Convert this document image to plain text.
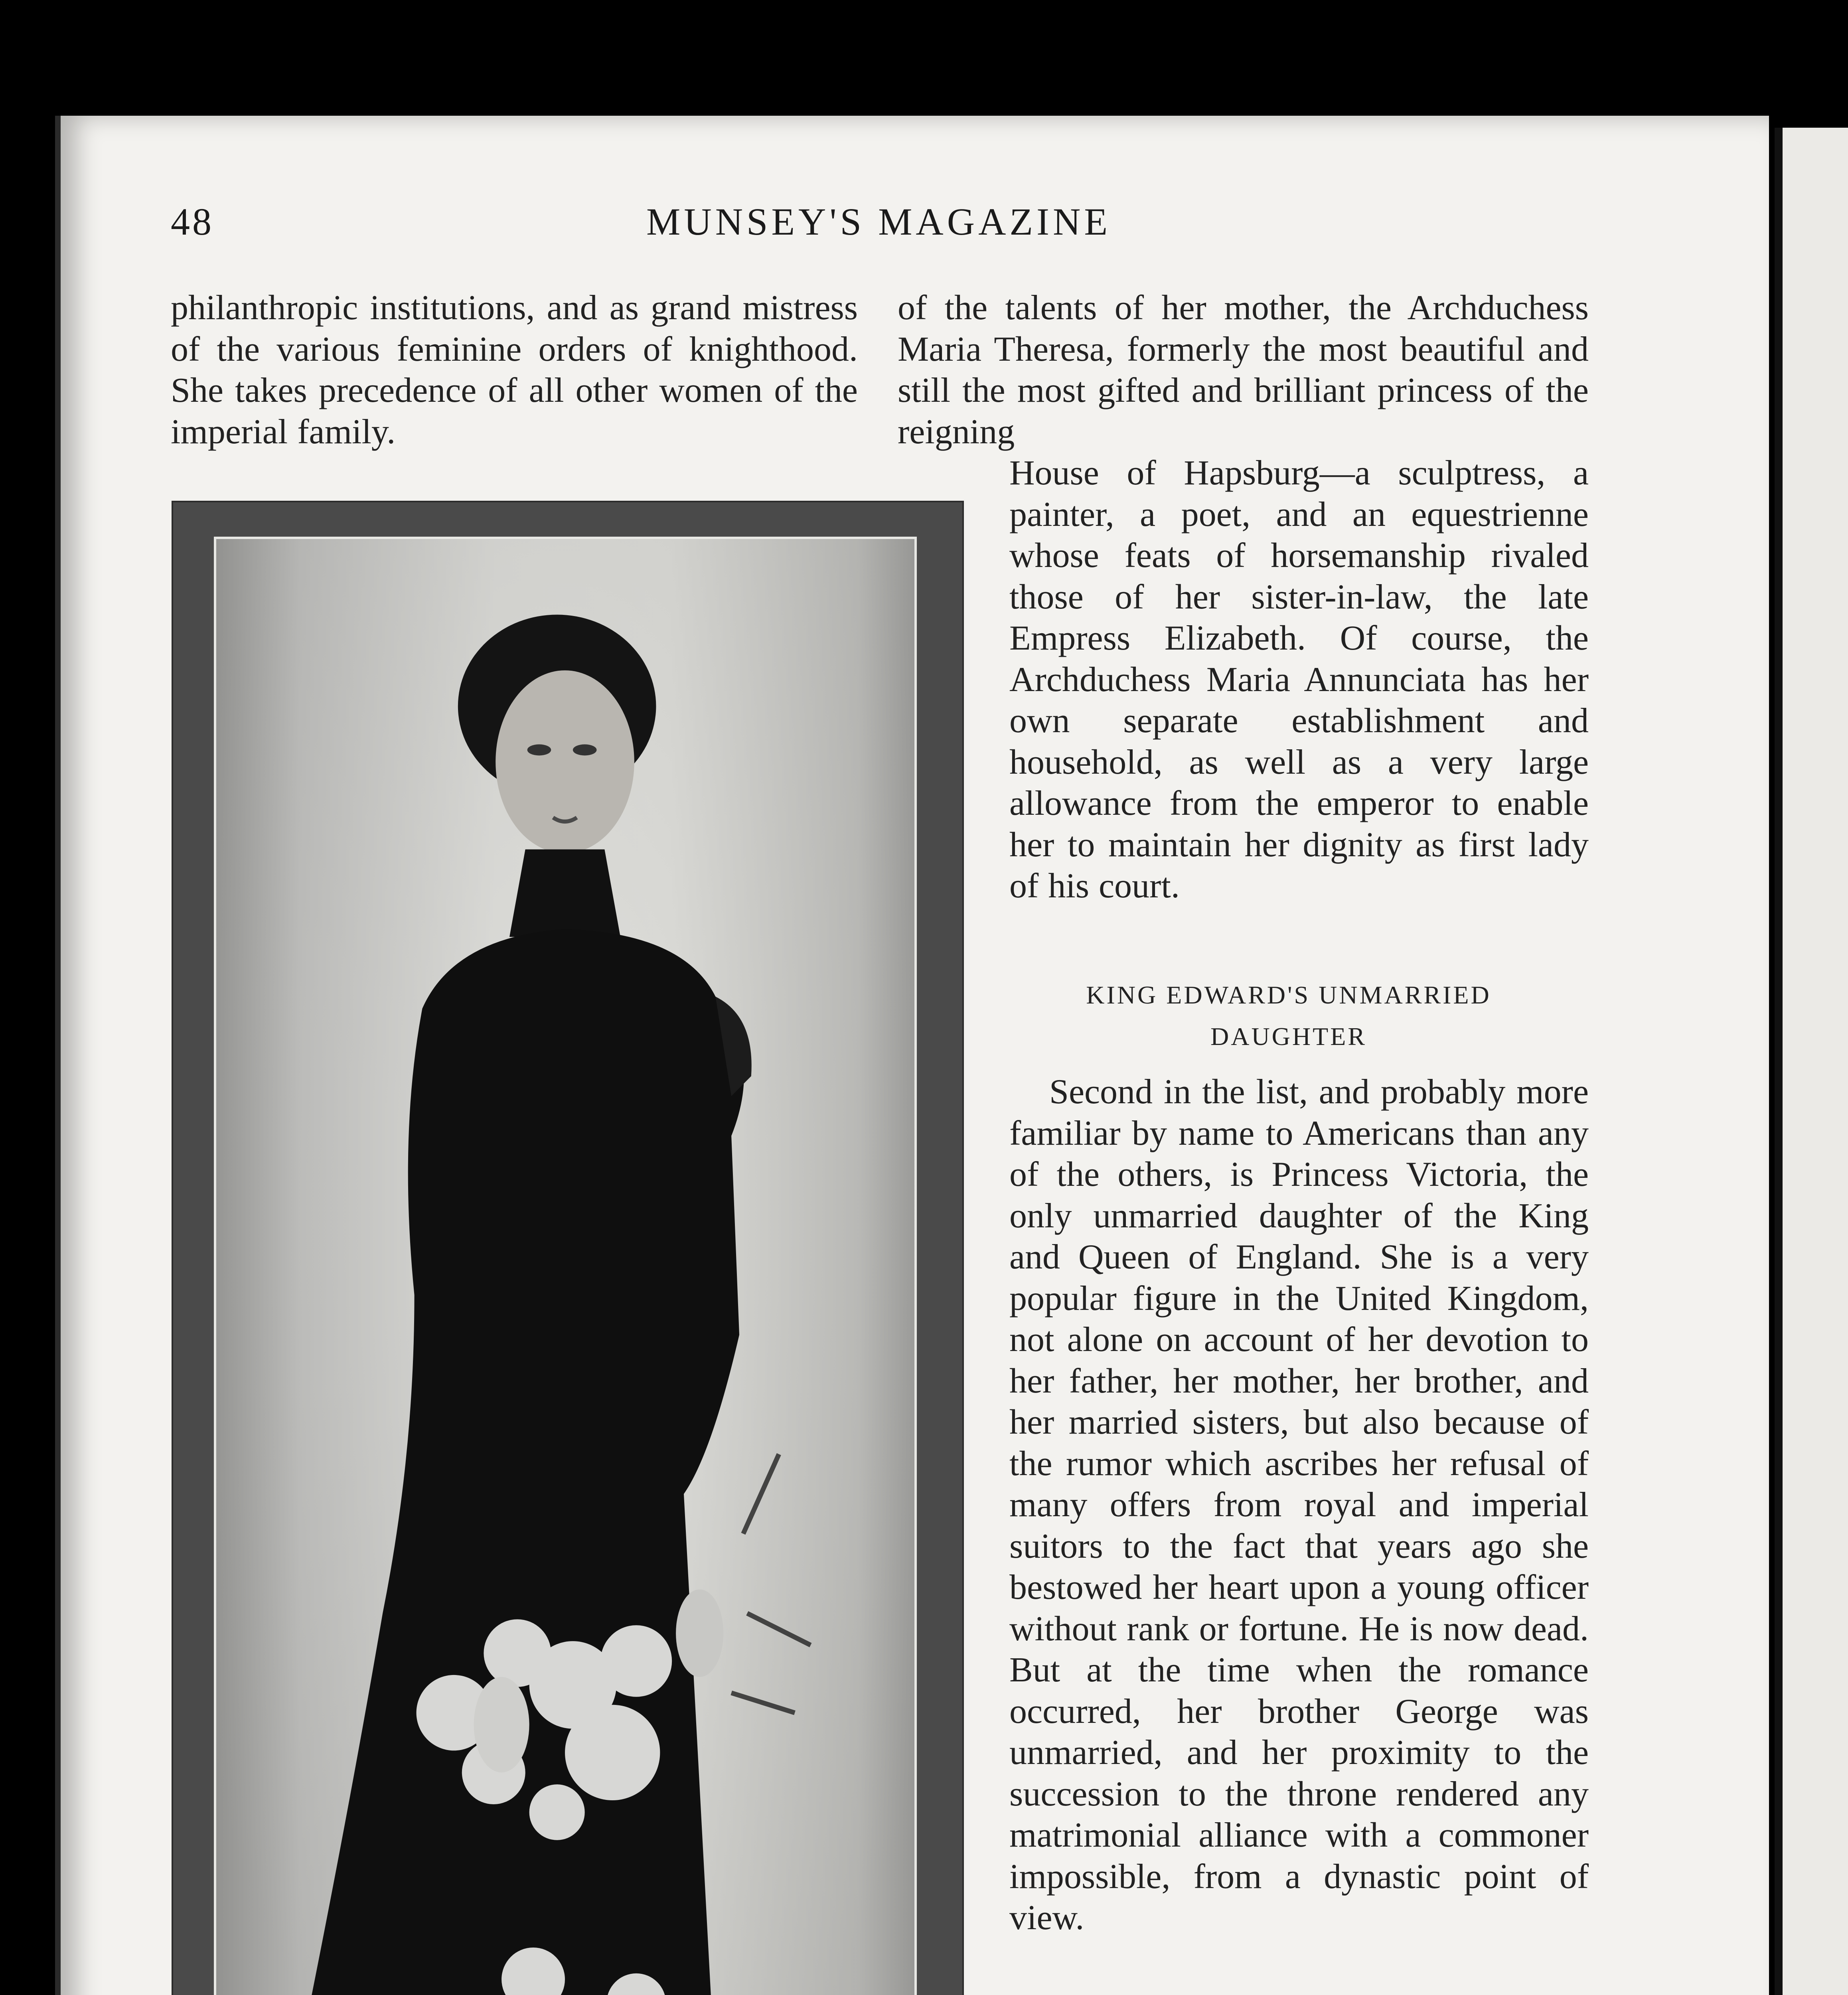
48	MUNSEY'S MAGAZINE

philanthropic institutions, and as grand mistress of the various feminine orders of knighthood. She takes precedence of all other women of the imperial family.

of the talents of her mother, the Archduchess Maria Theresa, formerly the most beautiful and still the most gifted and brilliant princess of the reigning

House of Hapsburg—a sculptress, a painter, a poet, and an equestrienne whose feats of horsemanship rivaled those of her sister-in-law, the late Empress Elizabeth. Of course, the Archduchess Maria Annunciata has her own separate establishment and household, as well as a very large allowance from the emperor to enable her to maintain her dignity as first lady of his court.

KING EDWARD'S UNMARRIED DAUGHTER

Second in the list, and probably more familiar by name to Americans than any of the others, is Princess Victoria, the only unmarried daughter of the King and Queen of England. She is a very popular figure in the United Kingdom, not alone on account of her devotion to her father, her mother, her brother, and her married sisters, but also because of the rumor which ascribes her refusal of many offers from royal and imperial suitors to the fact that years ago she bestowed her heart upon a young officer without rank or fortune. He is now dead. But at the time when the romance occurred, her brother George was unmarried, and her proximity to the succession to the throne rendered any matrimonial alliance with a commoner impossible, from a dynastic point of view.
